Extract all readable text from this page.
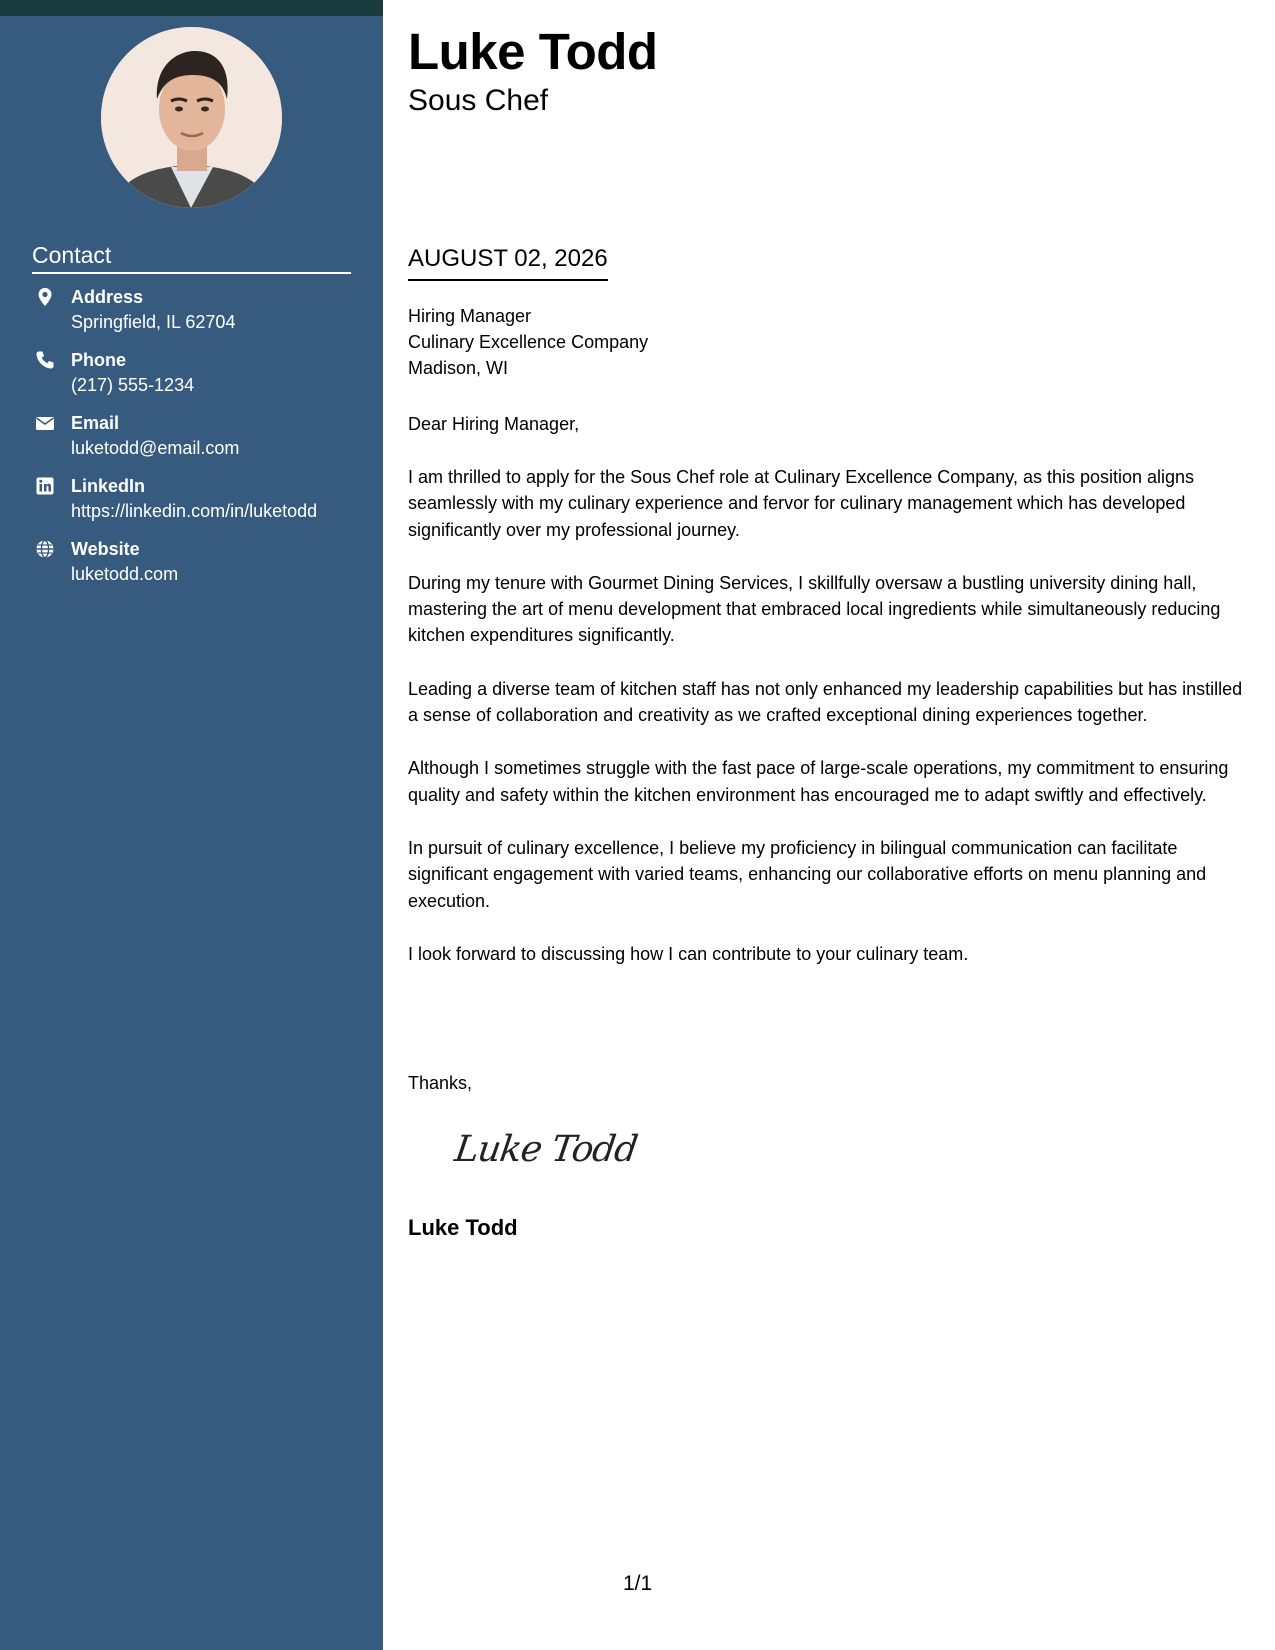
Contact
Address
Springfield, IL 62704
Phone
(217) 555-1234
Email
luketodd@email.com
LinkedIn
https://linkedin.com/in/luketodd
Website
luketodd.com
Luke Todd
Sous Chef
AUGUST 02, 2026
Hiring Manager
Culinary Excellence Company
Madison, WI
Dear Hiring Manager,

I am thrilled to apply for the Sous Chef role at Culinary Excellence Company, as this position aligns seamlessly with my culinary experience and fervor for culinary management which has developed significantly over my professional journey.

During my tenure with Gourmet Dining Services, I skillfully oversaw a bustling university dining hall, mastering the art of menu development that embraced local ingredients while simultaneously reducing kitchen expenditures significantly.

Leading a diverse team of kitchen staff has not only enhanced my leadership capabilities but has instilled a sense of collaboration and creativity as we crafted exceptional dining experiences together.

Although I sometimes struggle with the fast pace of large-scale operations, my commitment to ensuring quality and safety within the kitchen environment has encouraged me to adapt swiftly and effectively.

In pursuit of culinary excellence, I believe my proficiency in bilingual communication can facilitate significant engagement with varied teams, enhancing our collaborative efforts on menu planning and execution.

I look forward to discussing how I can contribute to your culinary team.

Thanks,
Luke Todd
Luke Todd
1/1
